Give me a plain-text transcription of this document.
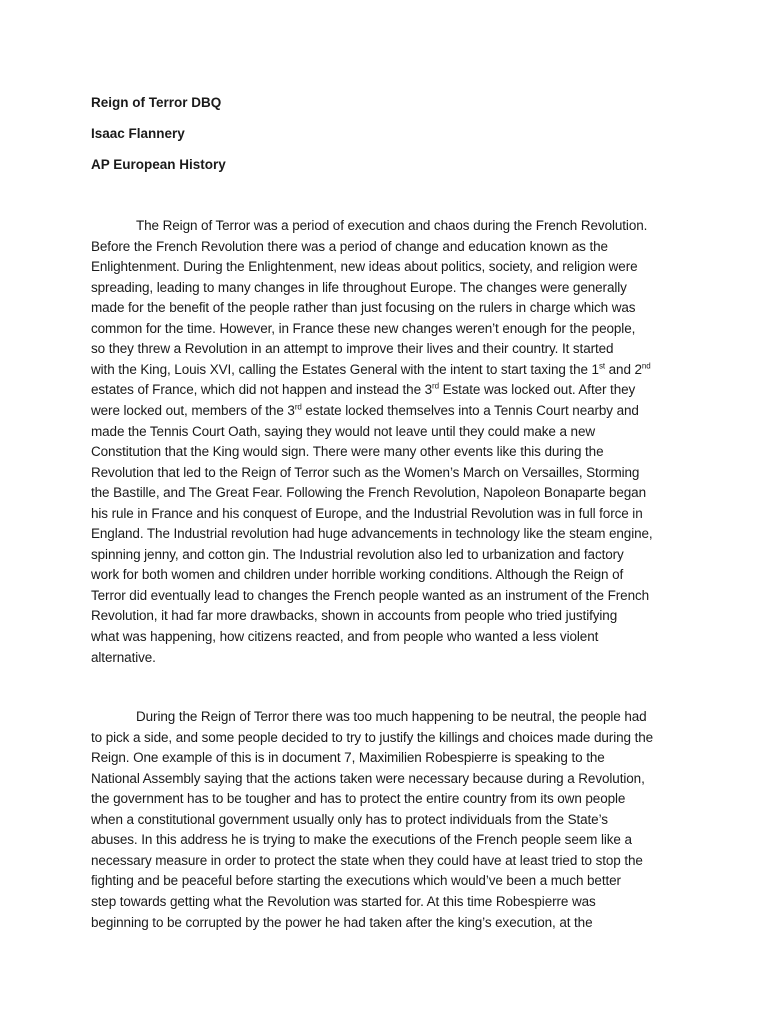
Reign of Terror DBQ
Isaac Flannery
AP European History
The Reign of Terror was a period of execution and chaos during the French Revolution.
Before the French Revolution there was a period of change and education known as the
Enlightenment. During the Enlightenment, new ideas about politics, society, and religion were
spreading, leading to many changes in life throughout Europe. The changes were generally
made for the benefit of the people rather than just focusing on the rulers in charge which was
common for the time. However, in France these new changes weren’t enough for the people,
so they threw a Revolution in an attempt to improve their lives and their country. It started
with the King, Louis XVI, calling the Estates General with the intent to start taxing the 1st and 2nd
estates of France, which did not happen and instead the 3rd Estate was locked out. After they
were locked out, members of the 3rd estate locked themselves into a Tennis Court nearby and
made the Tennis Court Oath, saying they would not leave until they could make a new
Constitution that the King would sign. There were many other events like this during the
Revolution that led to the Reign of Terror such as the Women’s March on Versailles, Storming
the Bastille, and The Great Fear. Following the French Revolution, Napoleon Bonaparte began
his rule in France and his conquest of Europe, and the Industrial Revolution was in full force in
England. The Industrial revolution had huge advancements in technology like the steam engine,
spinning jenny, and cotton gin. The Industrial revolution also led to urbanization and factory
work for both women and children under horrible working conditions. Although the Reign of
Terror did eventually lead to changes the French people wanted as an instrument of the French
Revolution, it had far more drawbacks, shown in accounts from people who tried justifying
what was happening, how citizens reacted, and from people who wanted a less violent
alternative.
During the Reign of Terror there was too much happening to be neutral, the people had
to pick a side, and some people decided to try to justify the killings and choices made during the
Reign. One example of this is in document 7, Maximilien Robespierre is speaking to the
National Assembly saying that the actions taken were necessary because during a Revolution,
the government has to be tougher and has to protect the entire country from its own people
when a constitutional government usually only has to protect individuals from the State’s
abuses. In this address he is trying to make the executions of the French people seem like a
necessary measure in order to protect the state when they could have at least tried to stop the
fighting and be peaceful before starting the executions which would’ve been a much better
step towards getting what the Revolution was started for. At this time Robespierre was
beginning to be corrupted by the power he had taken after the king’s execution, at the
